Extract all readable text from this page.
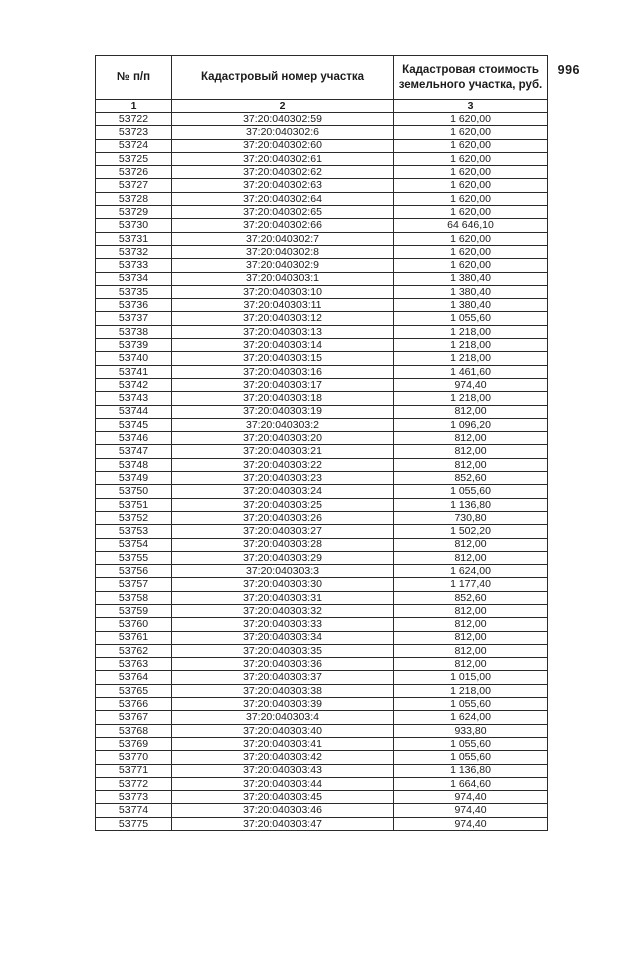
996
№ п/п	Кадастровый номер участка	Кадастровая стоимость земельного участка, руб.
1	2	3
53722	37:20:040302:59	1 620,00
53723	37:20:040302:6	1 620,00
53724	37:20:040302:60	1 620,00
53725	37:20:040302:61	1 620,00
53726	37:20:040302:62	1 620,00
53727	37:20:040302:63	1 620,00
53728	37:20:040302:64	1 620,00
53729	37:20:040302:65	1 620,00
53730	37:20:040302:66	64 646,10
53731	37:20:040302:7	1 620,00
53732	37:20:040302:8	1 620,00
53733	37:20:040302:9	1 620,00
53734	37:20:040303:1	1 380,40
53735	37:20:040303:10	1 380,40
53736	37:20:040303:11	1 380,40
53737	37:20:040303:12	1 055,60
53738	37:20:040303:13	1 218,00
53739	37:20:040303:14	1 218,00
53740	37:20:040303:15	1 218,00
53741	37:20:040303:16	1 461,60
53742	37:20:040303:17	974,40
53743	37:20:040303:18	1 218,00
53744	37:20:040303:19	812,00
53745	37:20:040303:2	1 096,20
53746	37:20:040303:20	812,00
53747	37:20:040303:21	812,00
53748	37:20:040303:22	812,00
53749	37:20:040303:23	852,60
53750	37:20:040303:24	1 055,60
53751	37:20:040303:25	1 136,80
53752	37:20:040303:26	730,80
53753	37:20:040303:27	1 502,20
53754	37:20:040303:28	812,00
53755	37:20:040303:29	812,00
53756	37:20:040303:3	1 624,00
53757	37:20:040303:30	1 177,40
53758	37:20:040303:31	852,60
53759	37:20:040303:32	812,00
53760	37:20:040303:33	812,00
53761	37:20:040303:34	812,00
53762	37:20:040303:35	812,00
53763	37:20:040303:36	812,00
53764	37:20:040303:37	1 015,00
53765	37:20:040303:38	1 218,00
53766	37:20:040303:39	1 055,60
53767	37:20:040303:4	1 624,00
53768	37:20:040303:40	933,80
53769	37:20:040303:41	1 055,60
53770	37:20:040303:42	1 055,60
53771	37:20:040303:43	1 136,80
53772	37:20:040303:44	1 664,60
53773	37:20:040303:45	974,40
53774	37:20:040303:46	974,40
53775	37:20:040303:47	974,40
